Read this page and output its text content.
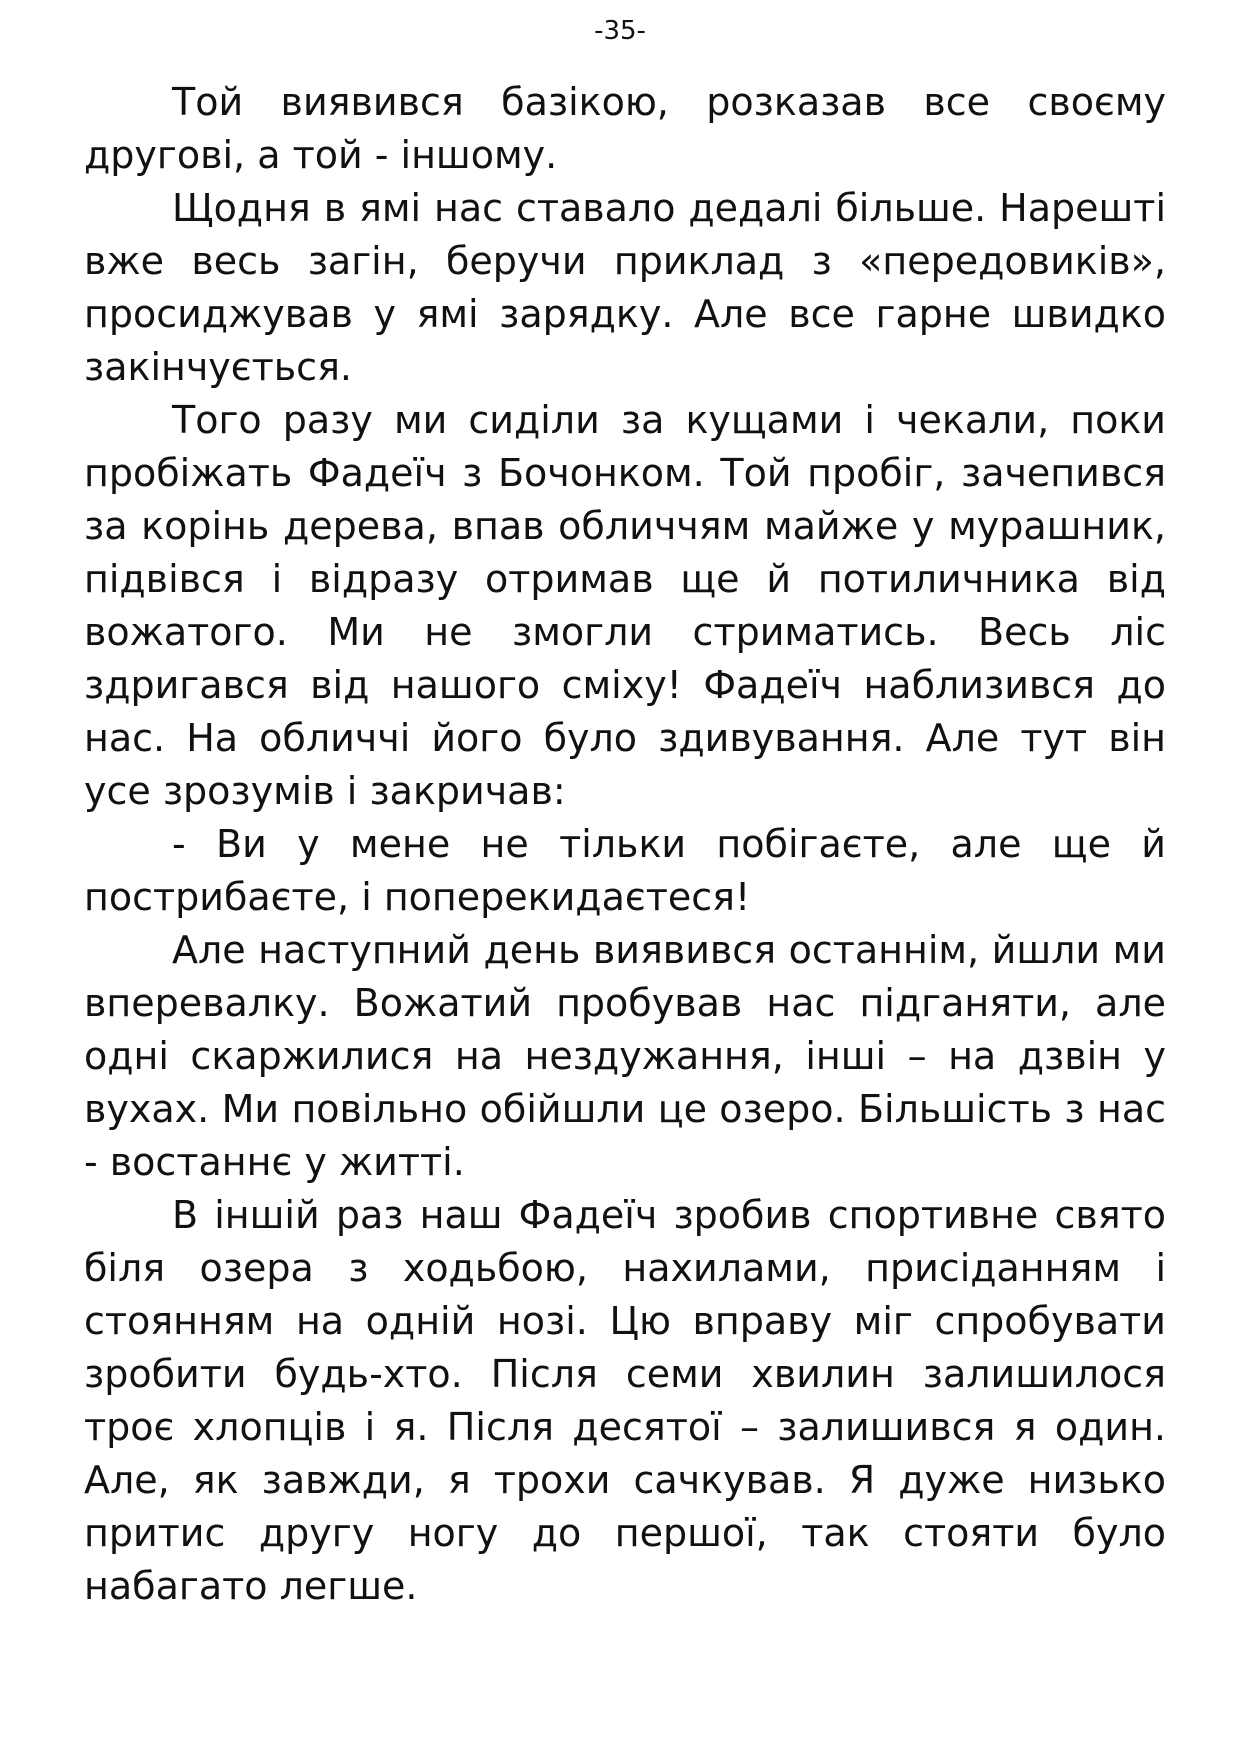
-35-

Той виявився базікою, розказав все своєму другові, а той - іншому.

Щодня в ямі нас ставало дедалі більше. Нарешті вже весь загін, беручи приклад з «передовиків», просиджував у ямі зарядку. Але все гарне швидко закінчується.

Того разу ми сиділи за кущами і чекали, поки пробіжать Фадеїч з Бочонком. Той пробіг, зачепився за корінь дерева, впав обличчям майже у мурашник, підвівся і відразу отримав ще й потиличника від вожатого. Ми не змогли стриматись. Весь ліс здригався від нашого сміху! Фадеїч наблизився до нас. На обличчі його було здивування. Але тут він усе зрозумів і закричав:

- Ви у мене не тільки побігаєте, але ще й пострибаєте, і поперекидаєтеся!

Але наступний день виявився останнім, йшли ми вперевалку. Вожатий пробував нас підганяти, але одні скаржилися на нездужання, інші – на дзвін у вухах. Ми повільно обійшли це озеро. Більшість з нас - востаннє у житті.

В іншій раз наш Фадеїч зробив спортивне свято біля озера з ходьбою, нахилами, присіданням і стоянням на одній нозі. Цю вправу міг спробувати зробити будь-хто. Після семи хвилин залишилося троє хлопців і я. Після десятої – залишився я один. Але, як завжди, я трохи сачкував. Я дуже низько притис другу ногу до першої, так стояти було набагато легше.
